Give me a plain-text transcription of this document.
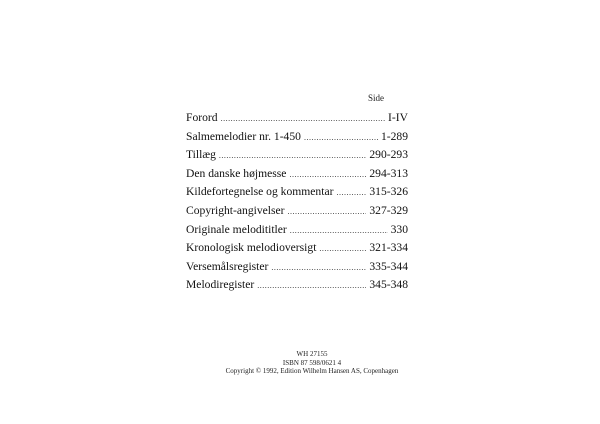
Side
Forord .....	I-IV
Salmemelodier nr. 1-450 .....	1-289
Tillæg .....	290-293
Den danske højmesse .....	294-313
Kildefortegnelse og kommentar .....	315-326
Copyright-angivelser .....	327-329
Originale melodititler .....	330
Kronologisk melodioversigt .....	321-334
Versemålsregister .....	335-344
Melodiregister .....	345-348
WH 27155
ISBN 87 598/0621 4
Copyright © 1992, Edition Wilhelm Hansen AS, Copenhagen
